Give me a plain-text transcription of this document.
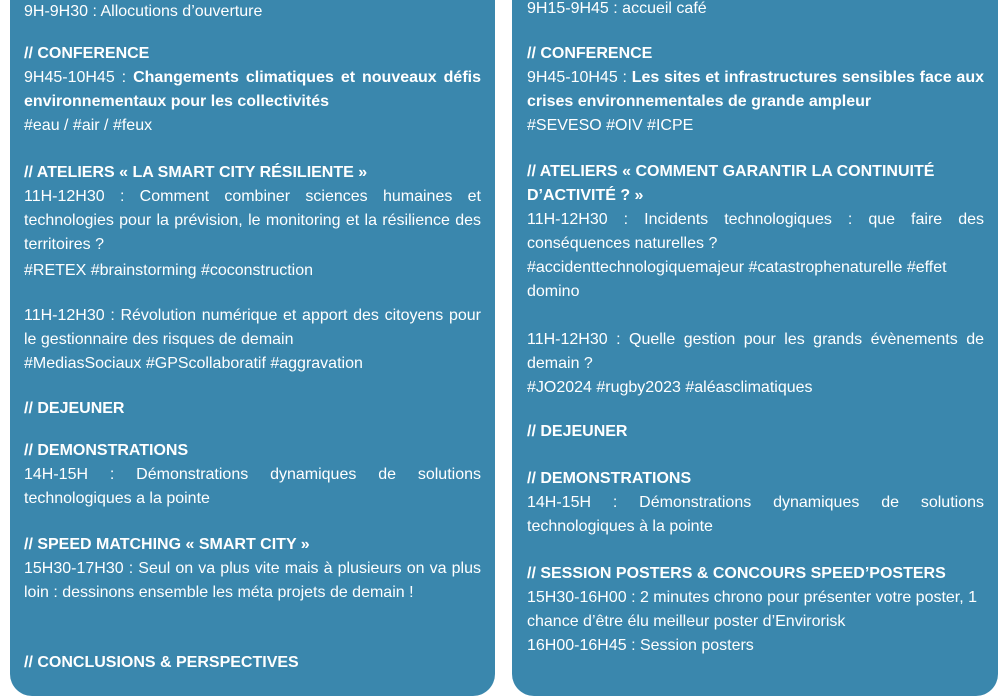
9H-9H30 : Allocutions d’ouverture
// CONFERENCE
9H45-10H45 : Changements climatiques et nouveaux défis environnementaux pour les collectivités
#eau / #air / #feux
// ATELIERS « LA SMART CITY RÉSILIENTE »
11H-12H30 : Comment combiner sciences humaines et technologies pour la prévision, le monitoring et la résilience des territoires ?
#RETEX #brainstorming #coconstruction
11H-12H30 : Révolution numérique et apport des citoyens pour le gestionnaire des risques de demain
#MediasSociaux #GPScollaboratif #aggravation
// DEJEUNER
// DEMONSTRATIONS
14H-15H : Démonstrations dynamiques de solutions technologiques a la pointe
// SPEED MATCHING « SMART CITY »
15H30-17H30 : Seul on va plus vite mais à plusieurs on va plus loin : dessinons ensemble les méta projets de demain !
// CONCLUSIONS & PERSPECTIVES
9H15-9H45 : accueil café
// CONFERENCE
9H45-10H45 : Les sites et infrastructures sensibles face aux crises environnementales de grande ampleur
#SEVESO #OIV #ICPE
// ATELIERS « COMMENT GARANTIR LA CONTINUITÉ D’ACTIVITÉ ? »
11H-12H30 : Incidents technologiques : que faire des conséquences naturelles ?
#accidenttechnologiquemajeur #catastrophenaturelle #effet domino
11H-12H30 : Quelle gestion pour les grands évènements de demain ?
#JO2024 #rugby2023 #aléasclimatiques
// DEJEUNER
// DEMONSTRATIONS
14H-15H : Démonstrations dynamiques de solutions technologiques à la pointe
// SESSION POSTERS & CONCOURS SPEED’POSTERS
15H30-16H00 : 2 minutes chrono pour présenter votre poster, 1 chance d’être élu meilleur poster d’Envirorisk
16H00-16H45 : Session posters
